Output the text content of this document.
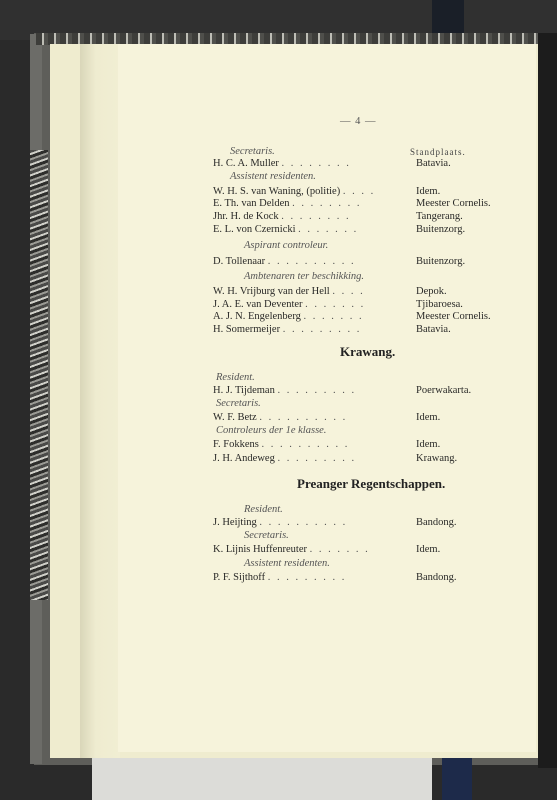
— 4 —
Standplaats.
Secretaris.
H. C. A. Muller . . . . . . . .	Batavia.
Assistent residenten.
W. H. S. van Waning, (politie) . . . .	Idem.
E. Th. van Delden . . . . . . . .	Meester Cornelis.
Jhr. H. de Kock . . . . . . . .	Tangerang.
E. L. von Czernicki . . . . . . .	Buitenzorg.
Aspirant controleur.
D. Tollenaar . . . . . . . . . .	Buitenzorg.
Ambtenaren ter beschikking.
W. H. Vrijburg van der Hell . . . .	Depok.
J. A. E. van Deventer . . . . . . .	Tjibaroesa.
A. J. N. Engelenberg . . . . . . .	Meester Cornelis.
H. Somermeijer . . . . . . . . .	Batavia.
Krawang.
Resident.
H. J. Tijdeman . . . . . . . . .	Poerwakarta.
Secretaris.
W. F. Betz . . . . . . . . . .	Idem.
Controleurs der 1e klasse.
F. Fokkens . . . . . . . . . .	Idem.
J. H. Andeweg . . . . . . . . .	Krawang.
Preanger Regentschappen.
Resident.
J. Heijting . . . . . . . . . .	Bandong.
Secretaris.
K. Lijnis Huffenreuter . . . . . . .	Idem.
Assistent residenten.
P. F. Sijthoff . . . . . . . . .	Bandong.
